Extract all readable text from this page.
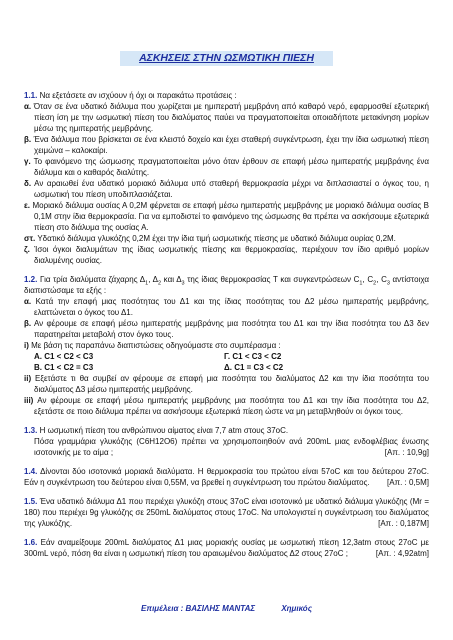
ΑΣΚΗΣΕΙΣ ΣΤΗΝ ΩΣΜΩΤΙΚΗ ΠΙΕΣΗ

1.1. Να εξετάσετε αν ισχύουν ή όχι οι παρακάτω προτάσεις :

α. Όταν σε ένα υδατικό διάλυμα που χωρίζεται με ημιπερατή μεμβράνη από καθαρό νερό, εφαρμοσθεί εξωτερική πίεση ίση με την ωσμωτική πίεση του διαλύματος παύει να πραγματοποιείται οποιαδήποτε μετακίνηση μορίων μέσω της ημιπερατής μεμβράνης.

β. Ένα διάλυμα που βρίσκεται σε ένα κλειστό δοχείο και έχει σταθερή συγκέντρωση, έχει την ίδια ωσμωτική πίεση χειμώνα – καλοκαίρι.

γ. Το φαινόμενο της ώσμωσης πραγματοποιείται μόνο όταν έρθουν σε επαφή μέσω ημιπερατής μεμβράνης ένα διάλυμα και ο καθαρός διαλύτης.

δ. Αν αραιωθεί ένα υδατικό μοριακό διάλυμα υπό σταθερή θερμοκρασία μέχρι να διπλασιαστεί ο όγκος του, η ωσμωτική του πίεση υποδιπλασιάζεται.

ε. Μοριακό διάλυμα ουσίας Α 0,2Μ φέρνεται σε επαφή μέσω ημιπερατής μεμβράνης με μοριακό διάλυμα ουσίας Β 0,1Μ στην ίδια θερμοκρασία. Για να εμποδιστεί το φαινόμενο της ώσμωσης θα πρέπει να ασκήσουμε εξωτερικά πίεση στο διάλυμα της ουσίας Α.

στ. Υδατικό διάλυμα γλυκόζης 0,2Μ έχει την ίδια τιμή ωσμωτικής πίεσης με υδατικό διάλυμα ουρίας 0,2Μ.

ζ. Ίσοι όγκοι διαλυμάτων της ίδιας ωσμωτικής πίεσης και θερμοκρασίας, περιέχουν τον ίδιο αριθμό μορίων διαλυμένης ουσίας.

1.2. Για τρία διαλύματα ζάχαρης $\Delta_1$, $\Delta_2$ και $\Delta_3$ της ίδιας θερμοκρασίας Τ και συγκεντρώσεων $C_1$, $C_2$, $C_3$ αντίστοιχα διαπιστώσαμε τα εξής :

α. Κατά την επαφή μιας ποσότητας του Δ1 και της ίδιας ποσότητας του Δ2 μέσω ημιπερατής μεμβράνης, ελαττώνεται ο όγκος του Δ1.

β. Αν φέρουμε σε επαφή μέσω ημιπερατής μεμβράνης μια ποσότητα του Δ1 και την ίδια ποσότητα του Δ3 δεν παρατηρείται μεταβολή στον όγκο τους.

i) Με βάση τις παραπάνω διαπιστώσεις οδηγούμαστε στο συμπέρασμα :

Α. C1 < C2 < C3	Γ. C1 < C3 < C2
Β. C1 < C2 = C3	Δ. C1 = C3 < C2

ii) Εξετάστε τι θα συμβεί αν φέρουμε σε επαφή μια ποσότητα του διαλύματος Δ2 και την ίδια ποσότητα του διαλύματος Δ3 μέσω ημιπερατής μεμβράνης.

iii) Αν φέρουμε σε επαφή μέσω ημιπερατής μεμβράνης μια ποσότητα του Δ1 και την ίδια ποσότητα του Δ2, εξετάστε σε ποιο διάλυμα πρέπει να ασκήσουμε εξωτερικά πίεση ώστε να μη μεταβληθούν οι όγκοι τους.

1.3. Η ωσμωτική πίεση του ανθρώπινου αίματος είναι 7,7 atm στους 37oC.

Πόσα γραμμάρια γλυκόζης (C6H12O6) πρέπει να χρησιμοποιηθούν ανά 200mL μιας ενδοφλέβιας ένωσης ισοτονικής με το αίμα ;	[Απ. : 10,9g]

1.4. Δίνονται δύο ισοτονικά μοριακά διαλύματα. Η θερμοκρασία του πρώτου είναι 57oC και του δεύτερου 27oC. Εάν η συγκέντρωση του δεύτερου είναι 0,55Μ, να βρεθεί η συγκέντρωση του πρώτου διαλύματος. [Απ. : 0,5Μ]

1.5. Ένα υδατικό διάλυμα Δ1 που περιέχει γλυκόζη στους 37oC είναι ισοτονικό με υδατικό διάλυμα γλυκόζης (Mr = 180) που περιέχει 9g γλυκόζης σε 250mL διαλύματος στους 17oC. Να υπολογιστεί η συγκέντρωση του διαλύματος της γλυκόζης.	[Απ. : 0,187Μ]

1.6. Εάν αναμείξουμε 200mL διαλύματος Δ1 μιας μοριακής ουσίας με ωσμωτική πίεση 12,3atm στους 27oC με 300mL νερό, πόση θα είναι η ωσμωτική πίεση του αραιωμένου διαλύματος Δ2 στους 27oC ;	[Απ. : 4,92atm]

Επιμέλεια : ΒΑΣΙΛΗΣ ΜΑΝΤΑΣ	Χημικός
